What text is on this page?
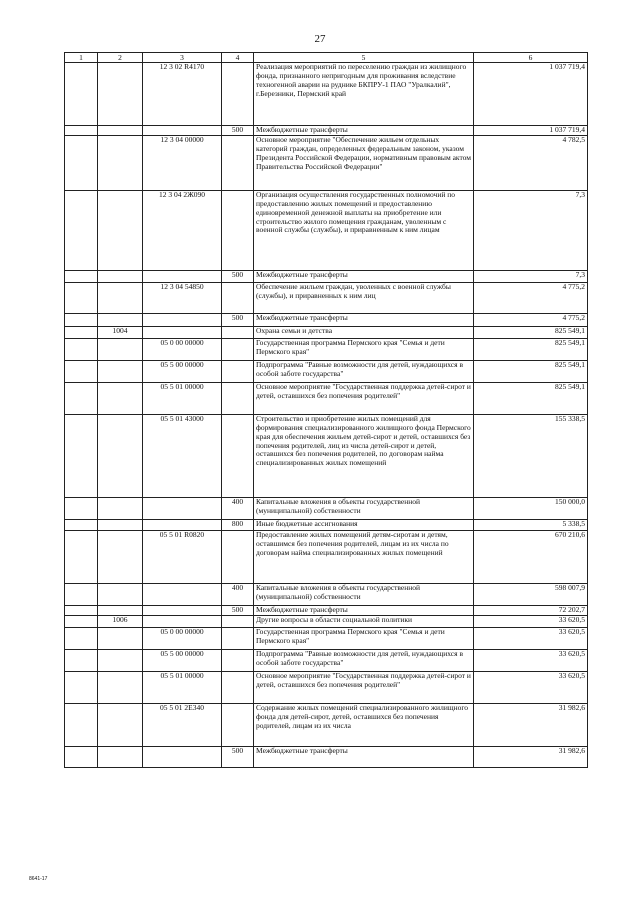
27
1	2	3	4	5	6
		12 3 02 R4170		Реализация мероприятий по переселению граждан из жилищного фонда, признанного непригодным для проживания вследствие техногенной аварии на руднике БКПРУ-1 ПАО "Уралкалий", г.Березники, Пермский край	1 037 719,4
			500	Межбюджетные трансферты	1 037 719,4
		12 3 04 00000		Основное мероприятие "Обеспечение жильем отдельных категорий граждан, определенных федеральным законом, указом Президента Российской Федерации, нормативным правовым актом Правительства Российской Федерации"	4 782,5
		12 3 04 2Ж090		Организация осуществления государственных полномочий по предоставлению жилых помещений и предоставлению единовременной денежной выплаты на приобретение или строительство жилого помещения гражданам, уволенным с военной службы (службы), и приравненным к ним лицам	7,3
			500	Межбюджетные трансферты	7,3
		12 3 04 54850		Обеспечение жильем граждан, уволенных с военной службы (службы), и приравненных к ним лиц	4 775,2
			500	Межбюджетные трансферты	4 775,2
	1004			Охрана семьи и детства	825 549,1
		05 0 00 00000		Государственная программа Пермского края "Семья и дети Пермского края"	825 549,1
		05 5 00 00000		Подпрограмма "Равные возможности для детей, нуждающихся в особой заботе государства"	825 549,1
		05 5 01 00000		Основное мероприятие "Государственная поддержка детей-сирот и детей, оставшихся без попечения родителей"	825 549,1
		05 5 01 43000		Строительство и приобретение жилых помещений для формирования специализированного жилищного фонда Пермского края для обеспечения жильем детей-сирот и детей, оставшихся без попечения родителей, лиц из числа детей-сирот и детей, оставшихся без попечения родителей, по договорам найма специализированных жилых помещений	155 338,5
			400	Капитальные вложения в объекты государственной (муниципальной) собственности	150 000,0
			800	Иные бюджетные ассигнования	5 338,5
		05 5 01 R0820		Предоставление жилых помещений детям-сиротам и детям, оставшимся без попечения родителей, лицам из их числа по договорам найма специализированных жилых помещений	670 210,6
			400	Капитальные вложения в объекты государственной (муниципальной) собственности	598 007,9
			500	Межбюджетные трансферты	72 202,7
	1006			Другие вопросы в области социальной политики	33 620,5
		05 0 00 00000		Государственная программа Пермского края "Семья и дети Пермского края"	33 620,5
		05 5 00 00000		Подпрограмма "Равные возможности для детей, нуждающихся в особой заботе государства"	33 620,5
		05 5 01 00000		Основное мероприятие "Государственная поддержка детей-сирот и детей, оставшихся без попечения родителей"	33 620,5
		05 5 01 2Е340		Содержание жилых помещений специализированного жилищного фонда для детей-сирот, детей, оставшихся без попечения родителей, лицам из их числа	31 982,6
			500	Межбюджетные трансферты	31 982,6
8641-17
